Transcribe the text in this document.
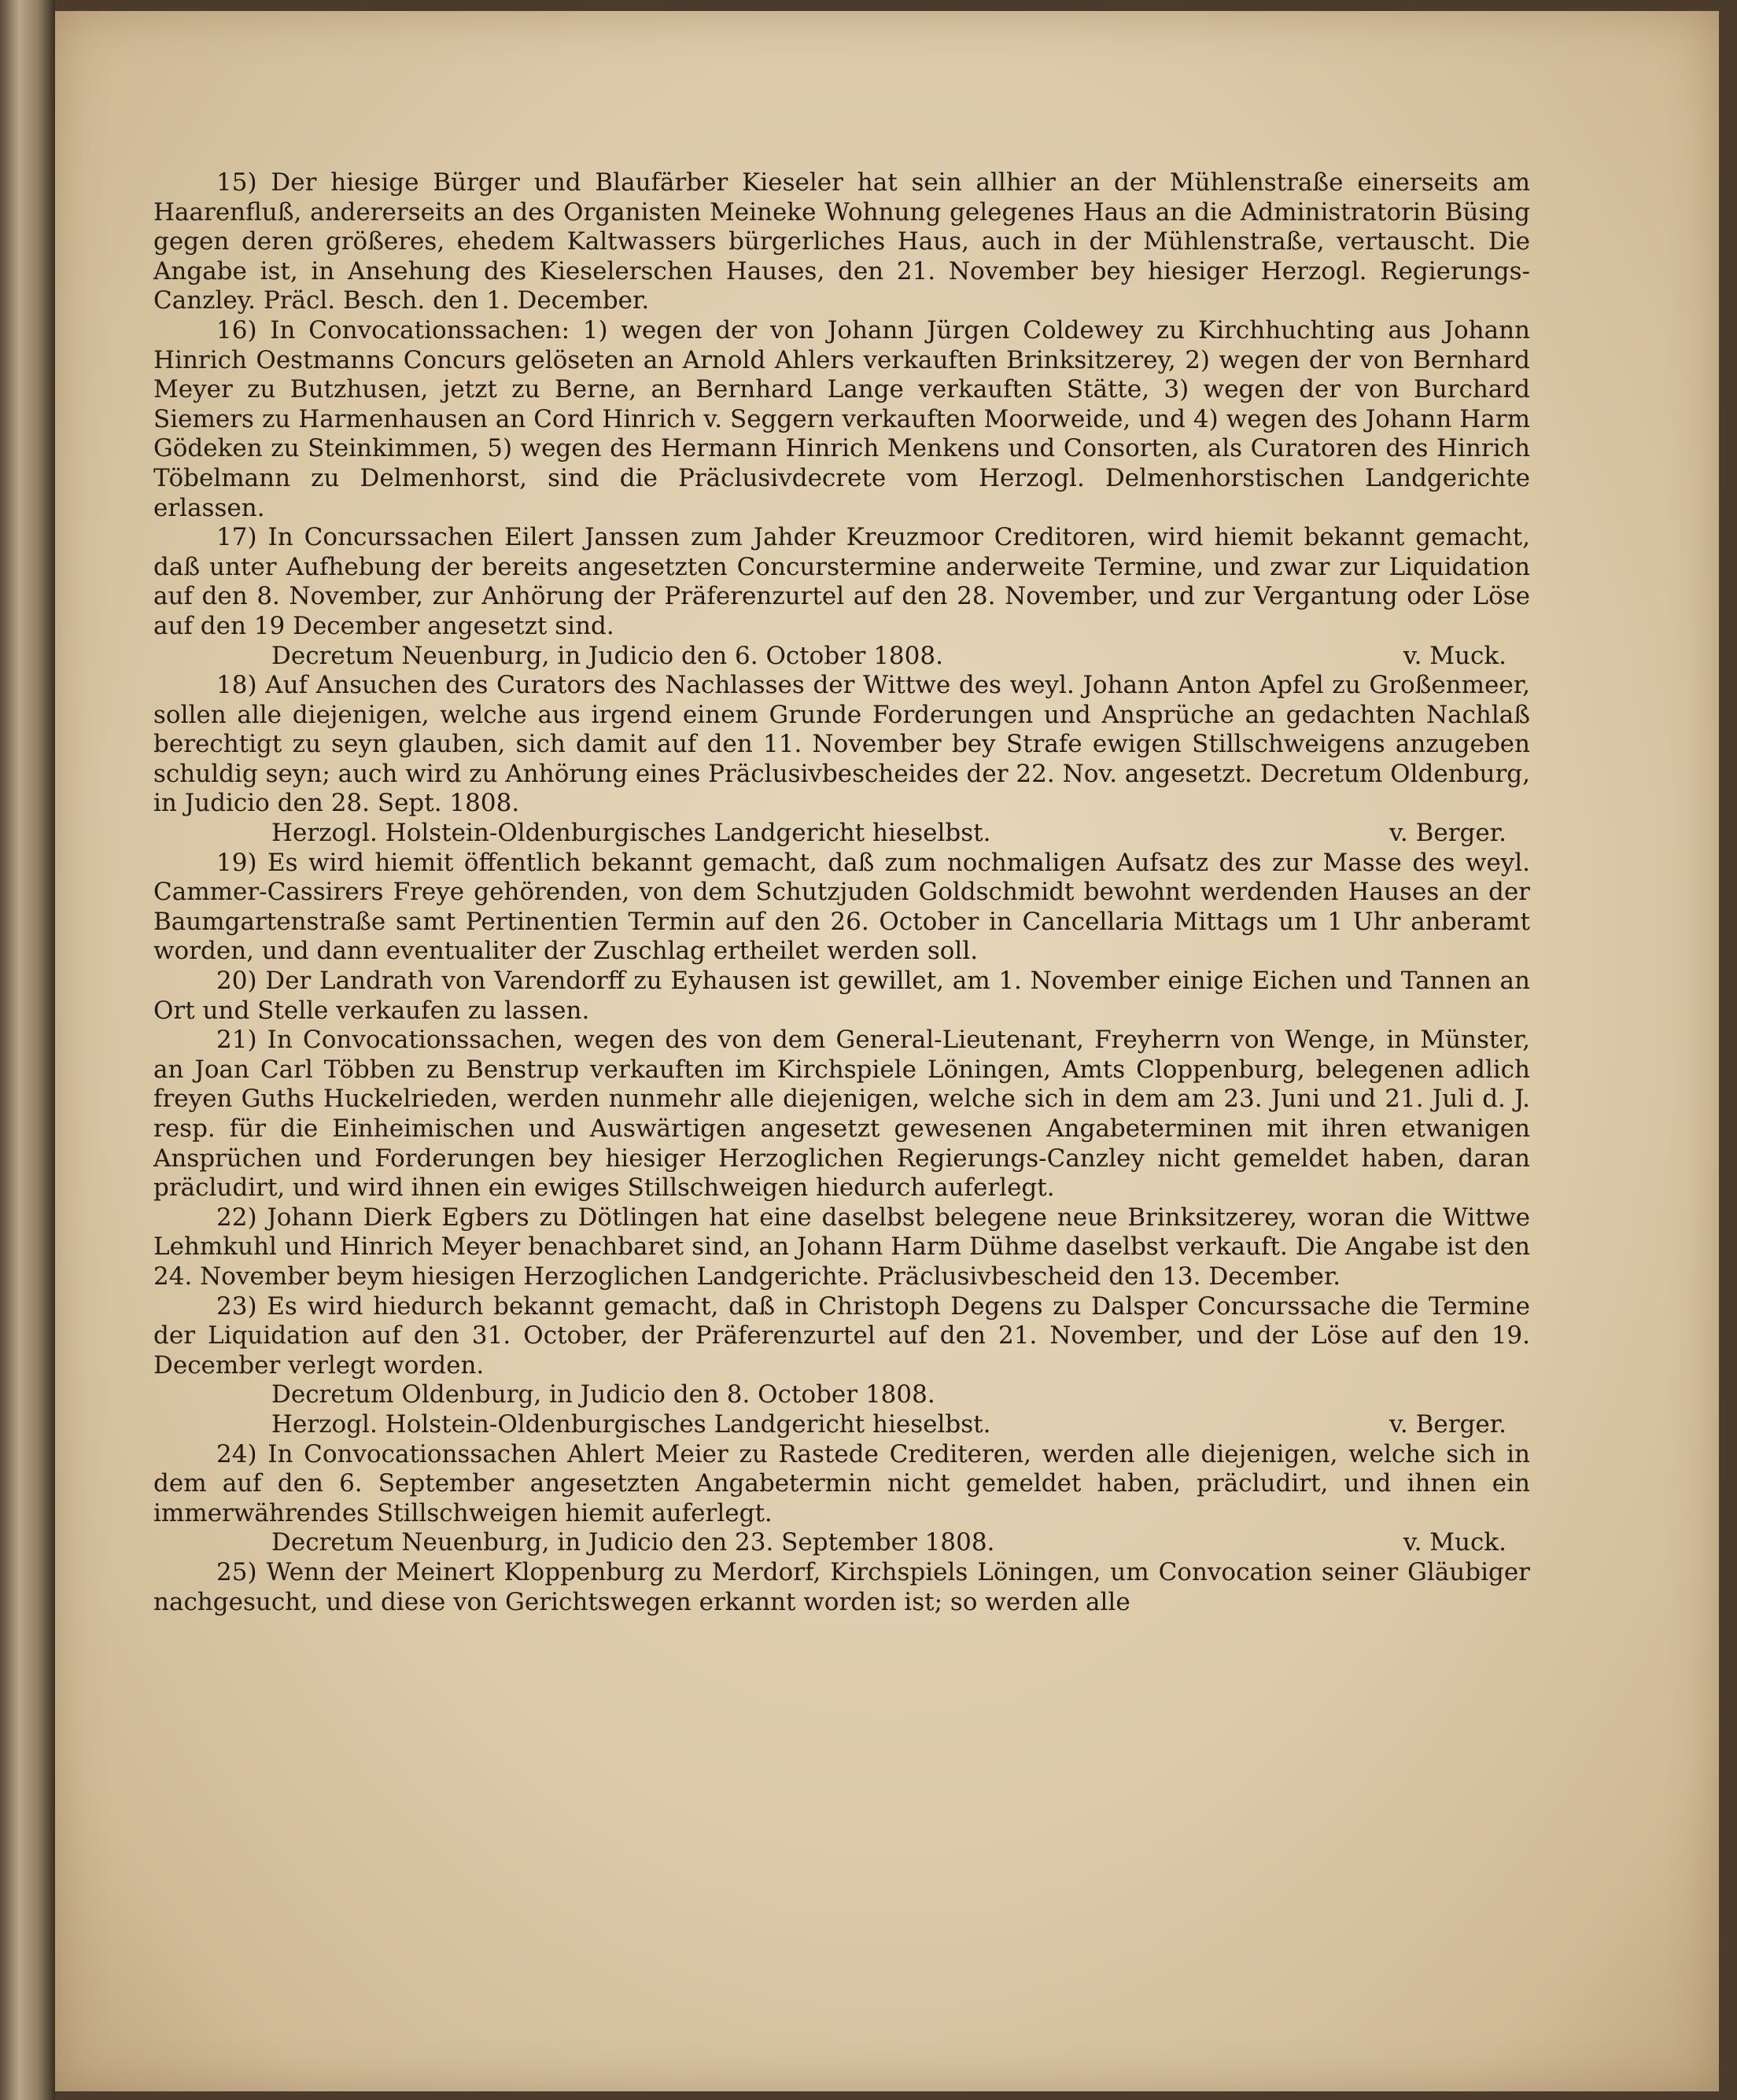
15) Der hiesige Bürger und Blaufärber Kieseler hat sein allhier an der Mühlenstraße einerseits am Haarenfluß, andererseits an des Organisten Meineke Wohnung gelegenes Haus an die Administratorin Büsing gegen deren größeres, ehedem Kaltwassers bürgerliches Haus, auch in der Mühlenstraße, vertauscht. Die Angabe ist, in Ansehung des Kieselerschen Hauses, den 21. November bey hiesiger Herzogl. Regierungs-Canzley. Präcl. Besch. den 1. December.

16) In Convocationssachen: 1) wegen der von Johann Jürgen Coldewey zu Kirchhuchting aus Johann Hinrich Oestmanns Concurs gelöseten an Arnold Ahlers verkauften Brinksitzerey, 2) wegen der von Bernhard Meyer zu Butzhusen, jetzt zu Berne, an Bernhard Lange verkauften Stätte, 3) wegen der von Burchard Siemers zu Harmenhausen an Cord Hinrich v. Seggern verkauften Moorweide, und 4) wegen des Johann Harm Gödeken zu Steinkimmen, 5) wegen des Hermann Hinrich Menkens und Consorten, als Curatoren des Hinrich Töbelmann zu Delmenhorst, sind die Präclusivdecrete vom Herzogl. Delmenhorstischen Landgerichte erlassen.

17) In Concurssachen Eilert Janssen zum Jahder Kreuzmoor Creditoren, wird hiemit bekannt gemacht, daß unter Aufhebung der bereits angesetzten Concurstermine anderweite Termine, und zwar zur Liquidation auf den 8. November, zur Anhörung der Präferenzurtel auf den 28. November, und zur Vergantung oder Löse auf den 19 December angesetzt sind.

Decretum Neuenburg, in Judicio den 6. October 1808.	v. Muck.

18) Auf Ansuchen des Curators des Nachlasses der Wittwe des weyl. Johann Anton Apfel zu Großenmeer, sollen alle diejenigen, welche aus irgend einem Grunde Forderungen und Ansprüche an gedachten Nachlaß berechtigt zu seyn glauben, sich damit auf den 11. November bey Strafe ewigen Stillschweigens anzugeben schuldig seyn; auch wird zu Anhörung eines Präclusivbescheides der 22. Nov. angesetzt. Decretum Oldenburg, in Judicio den 28. Sept. 1808.

Herzogl. Holstein-Oldenburgisches Landgericht hieselbst.	v. Berger.

19) Es wird hiemit öffentlich bekannt gemacht, daß zum nochmaligen Aufsatz des zur Masse des weyl. Cammer-Cassirers Freye gehörenden, von dem Schutzjuden Goldschmidt bewohnt werdenden Hauses an der Baumgartenstraße samt Pertinentien Termin auf den 26. October in Cancellaria Mittags um 1 Uhr anberamt worden, und dann eventualiter der Zuschlag ertheilet werden soll.

20) Der Landrath von Varendorff zu Eyhausen ist gewillet, am 1. November einige Eichen und Tannen an Ort und Stelle verkaufen zu lassen.

21) In Convocationssachen, wegen des von dem General-Lieutenant, Freyherrn von Wenge, in Münster, an Joan Carl Többen zu Benstrup verkauften im Kirchspiele Löningen, Amts Cloppenburg, belegenen adlich freyen Guths Huckelrieden, werden nunmehr alle diejenigen, welche sich in dem am 23. Juni und 21. Juli d. J. resp. für die Einheimischen und Auswärtigen angesetzt gewesenen Angabeterminen mit ihren etwanigen Ansprüchen und Forderungen bey hiesiger Herzoglichen Regierungs-Canzley nicht gemeldet haben, daran präcludirt, und wird ihnen ein ewiges Stillschweigen hiedurch auferlegt.

22) Johann Dierk Egbers zu Dötlingen hat eine daselbst belegene neue Brinksitzerey, woran die Wittwe Lehmkuhl und Hinrich Meyer benachbaret sind, an Johann Harm Dühme daselbst verkauft. Die Angabe ist den 24. November beym hiesigen Herzoglichen Landgerichte. Präclusivbescheid den 13. December.

23) Es wird hiedurch bekannt gemacht, daß in Christoph Degens zu Dalsper Concurssache die Termine der Liquidation auf den 31. October, der Präferenzurtel auf den 21. November, und der Löse auf den 19. December verlegt worden.

Decretum Oldenburg, in Judicio den 8. October 1808.
Herzogl. Holstein-Oldenburgisches Landgericht hieselbst.	v. Berger.

24) In Convocationssachen Ahlert Meier zu Rastede Crediteren, werden alle diejenigen, welche sich in dem auf den 6. September angesetzten Angabetermin nicht gemeldet haben, präcludirt, und ihnen ein immerwährendes Stillschweigen hiemit auferlegt.

Decretum Neuenburg, in Judicio den 23. September 1808.	v. Muck.

25) Wenn der Meinert Kloppenburg zu Merdorf, Kirchspiels Löningen, um Convocation seiner Gläubiger nachgesucht, und diese von Gerichtswegen erkannt worden ist; so werden alle
